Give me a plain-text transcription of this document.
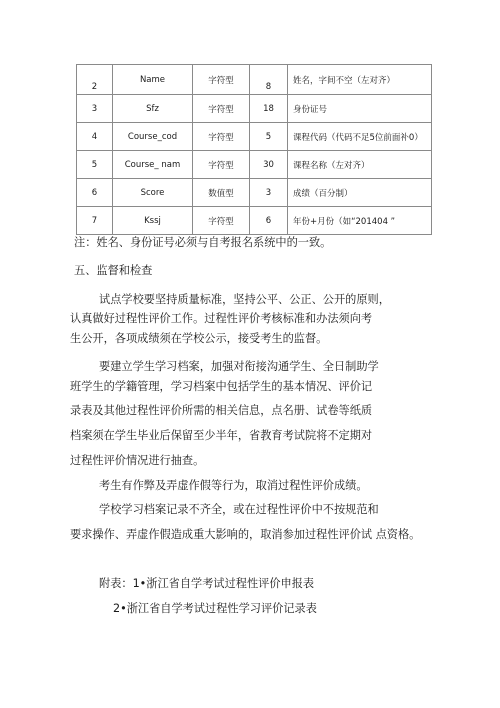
2	Name	字符型	8	姓名，字间不空（左对齐）
3	Sfz	字符型	18	身份证号
4	Course_cod	字符型	5	课程代码（代码不足5位前面补0）
5	Course_ nam	字符型	30	课程名称（左对齐）
6	Score	数值型	3	成绩（百分制）
7	Kssj	字符型	6	年份+月份（如“201404 ”
注：姓名、身份证号必须与自考报名系统中的一致。
五、监督和检查
试点学校要坚持质量标准，坚持公平、公正、公开的原则，
认真做好过程性评价工作。过程性评价考核标准和办法须向考
生公开，各项成绩须在学校公示，接受考生的监督。
要建立学生学习档案，加强对衔接沟通学生、全日制助学
班学生的学籍管理，学习档案中包括学生的基本情况、评价记
录表及其他过程性评价所需的相关信息，点名册、试卷等纸质
档案须在学生毕业后保留至少半年，省教育考试院将不定期对
过程性评价情况进行抽查。
考生有作弊及弄虚作假等行为，取消过程性评价成绩。
学校学习档案记录不齐全，或在过程性评价中不按规范和
要求操作、弄虚作假造成重大影响的，取消参加过程性评价试 点资格。
附表：1•浙江省自学考试过程性评价申报表
2•浙江省自学考试过程性学习评价记录表
